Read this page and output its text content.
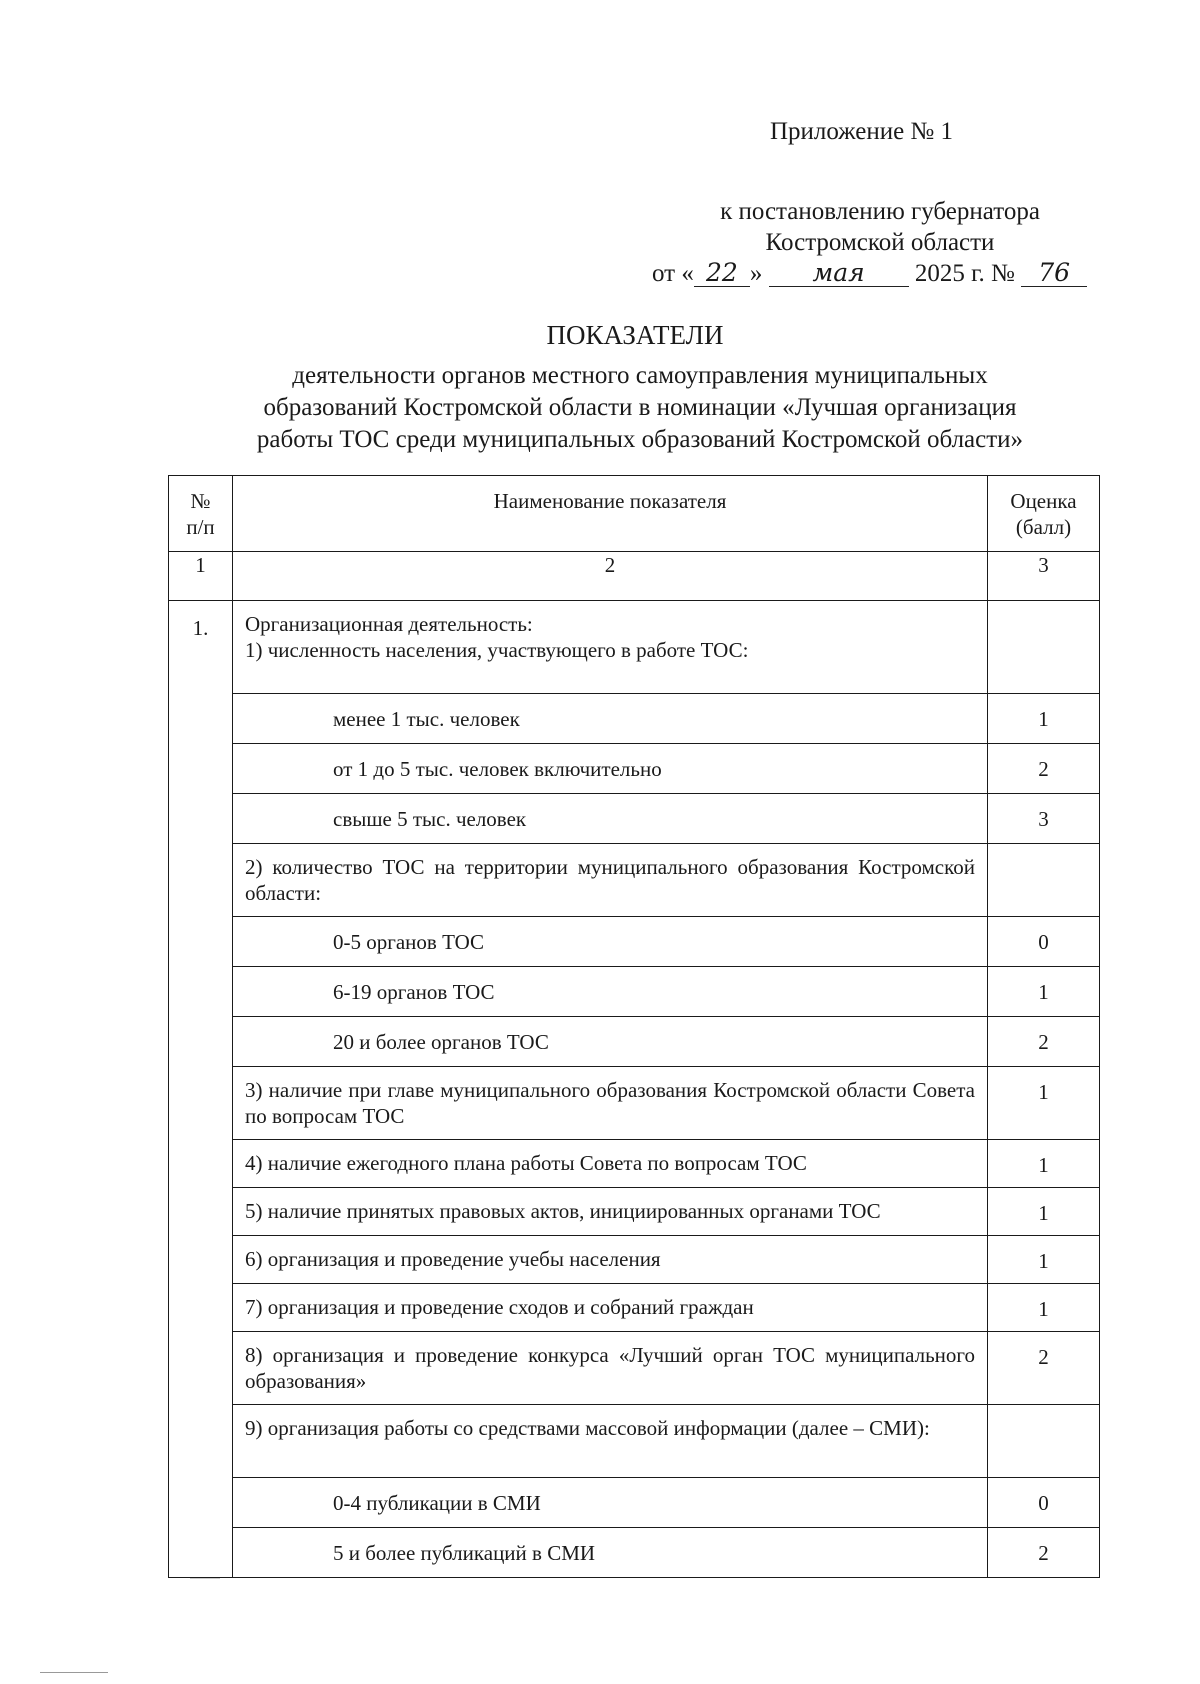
Приложение № 1
к постановлению губернатора
Костромской области
от « 22 » мая 2025 г. № 76
ПОКАЗАТЕЛИ
деятельности органов местного самоуправления муниципальных
образований Костромской области в номинации «Лучшая организация
работы ТОС среди муниципальных образований Костромской области»
№ п/п	Наименование показателя	Оценка (балл)
1	2	3
1.	Организационная деятельность:
1) численность населения, участвующего в работе ТОС:	
	менее 1 тыс. человек	1
	от 1 до 5 тыс. человек включительно	2
	свыше 5 тыс. человек	3
	2) количество ТОС на территории муниципального образования Костромской области:	
	0-5 органов ТОС	0
	6-19 органов ТОС	1
	20 и более органов ТОС	2
	3) наличие при главе муниципального образования Костромской области Совета по вопросам ТОС	1
	4) наличие ежегодного плана работы Совета по вопросам ТОС	1
	5) наличие принятых правовых актов, инициированных органами ТОС	1
	6) организация и проведение учебы населения	1
	7) организация и проведение сходов и собраний граждан	1
	8) организация и проведение конкурса «Лучший орган ТОС муниципального образования»	2
	9) организация работы со средствами массовой информации (далее – СМИ):	
	0-4 публикации в СМИ	0
	5 и более публикаций в СМИ	2
